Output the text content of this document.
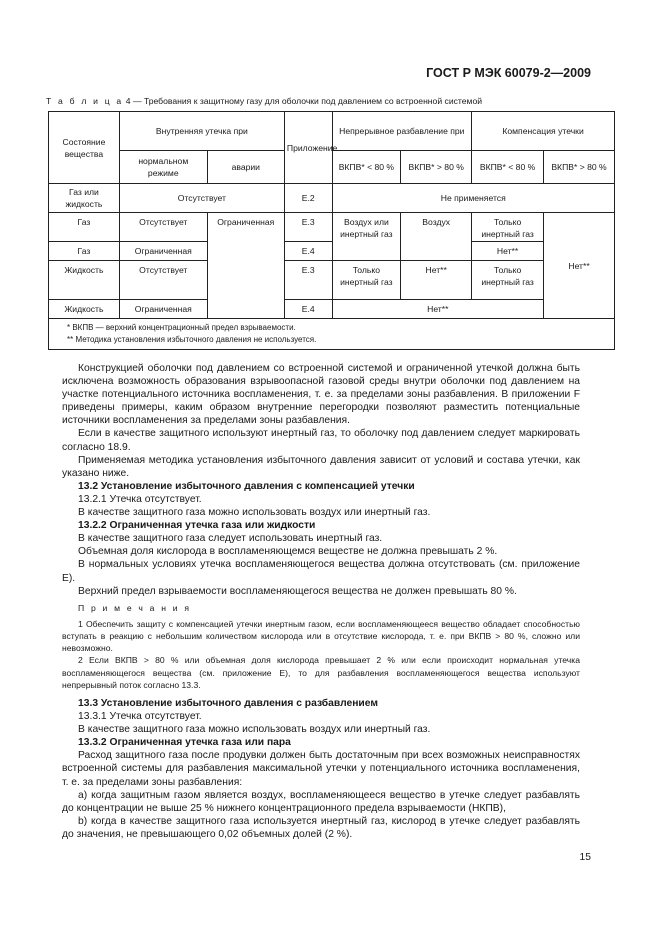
ГОСТ Р МЭК 60079-2—2009
Т а б л и ц а 4 — Требования к защитному газу для оболочки под давлением со встроенной системой
Состояние вещества	Внутренняя утечка при		Приложение	Непрерывное разбавление при		Компенсация утечки	
	нормальном режиме	аварии		ВКПВ* < 80 %	ВКПВ* > 80 %	ВКПВ* < 80 %	ВКПВ* > 80 %
Газ или жидкость	Отсутствует		Е.2	Не применяется			
Газ	Отсутствует	Ограниченная	Е.3	Воздух или инертный газ	Воздух	Только инертный газ	Нет**
Газ	Ограниченная		Е.4			Нет**	
Жидкость	Отсутствует		Е.3	Только инертный газ	Нет**	Только инертный газ	
Жидкость	Ограниченная		Е.4	Нет**			

* ВКПВ — верхний концентрационный предел взрываемости.
** Методика установления избыточного давления не используется.							

Конструкцией оболочки под давлением со встроенной системой и ограниченной утечкой должна быть исключена возможность образования взрывоопасной газовой среды внутри оболочки под давлением на участке потенциального источника воспламенения, т. е. за пределами зоны разбавления. В приложении F приведены примеры, каким образом внутренние перегородки позволяют разместить потенциальные источники воспламенения за пределами зоны разбавления.

Если в качестве защитного используют инертный газ, то оболочку под давлением следует маркировать согласно 18.9.

Применяемая методика установления избыточного давления зависит от условий и состава утечки, как указано ниже.

13.2 Установление избыточного давления с компенсацией утечки

13.2.1 Утечка отсутствует.

В качестве защитного газа можно использовать воздух или инертный газ.

13.2.2 Ограниченная утечка газа или жидкости

В качестве защитного газа следует использовать инертный газ.

Объемная доля кислорода в воспламеняющемся веществе не должна превышать 2 %.

В нормальных условиях утечка воспламеняющегося вещества должна отсутствовать (см. приложение Е).

Верхний предел взрываемости воспламеняющегося вещества не должен превышать 80 %.

П р и м е ч а н и я

1 Обеспечить защиту с компенсацией утечки инертным газом, если воспламеняющееся вещество обладает способностью вступать в реакцию с небольшим количеством кислорода или в отсутствие кислорода, т. е. при ВКПВ > 80 %, сложно или невозможно.

2 Если ВКПВ > 80 % или объемная доля кислорода превышает 2 % или если происходит нормальная утечка воспламеняющегося вещества (см. приложение Е), то для разбавления воспламеняющегося вещества используют непрерывный поток согласно 13.3.

13.3 Установление избыточного давления с разбавлением

13.3.1 Утечка отсутствует.

В качестве защитного газа можно использовать воздух или инертный газ.

13.3.2 Ограниченная утечка газа или пара

Расход защитного газа после продувки должен быть достаточным при всех возможных неисправностях встроенной системы для разбавления максимальной утечки у потенциального источника воспламенения, т. е. за пределами зоны разбавления:

a) когда защитным газом является воздух, воспламеняющееся вещество в утечке следует разбавлять до концентрации не выше 25 % нижнего концентрационного предела взрываемости (НКПВ),

b) когда в качестве защитного газа используется инертный газ, кислород в утечке следует разбавлять до значения, не превышающего 0,02 объемных долей (2 %).

15
